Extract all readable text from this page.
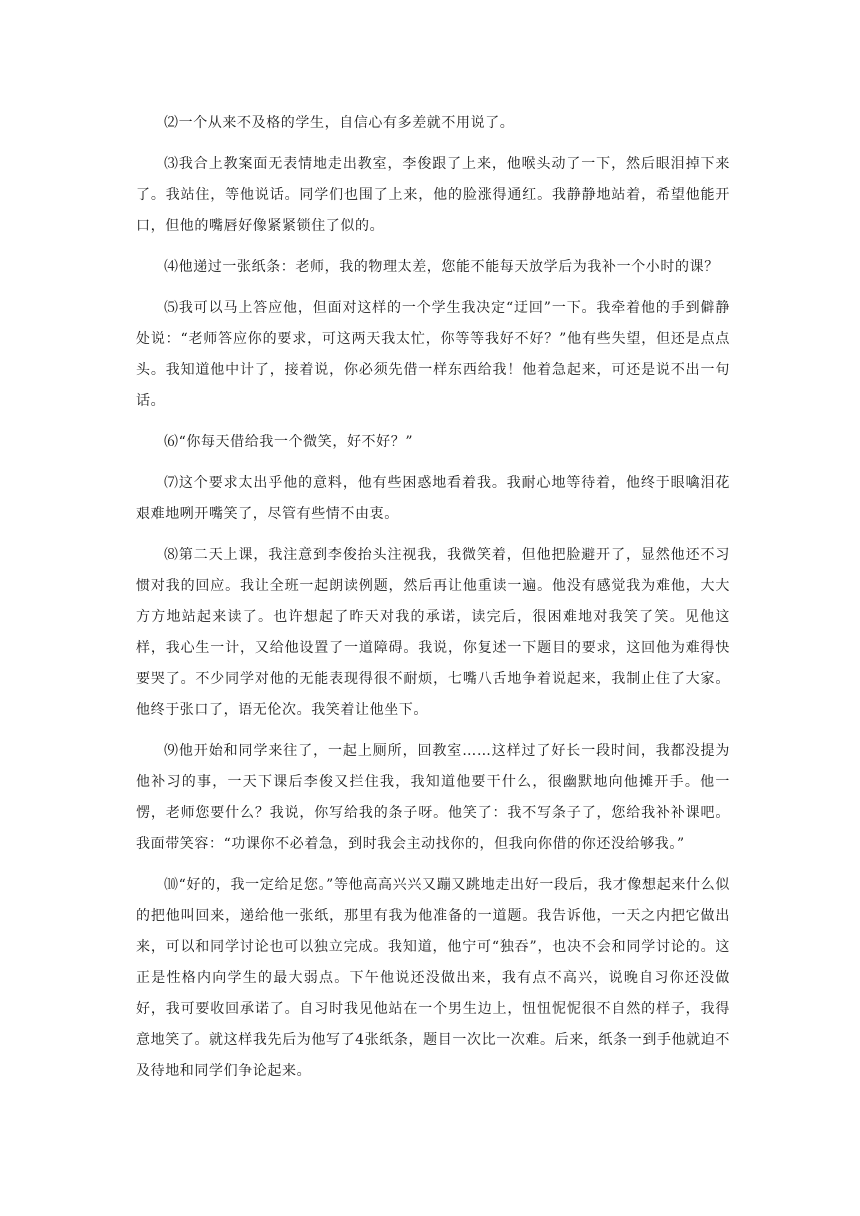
⑵一个从来不及格的学生，自信心有多差就不用说了。

⑶我合上教案面无表情地走出教室，李俊跟了上来，他喉头动了一下，然后眼泪掉下来了。我站住，等他说话。同学们也围了上来，他的脸涨得通红。我静静地站着，希望他能开口，但他的嘴唇好像紧紧锁住了似的。

⑷他递过一张纸条：老师，我的物理太差，您能不能每天放学后为我补一个小时的课？

⑸我可以马上答应他，但面对这样的一个学生我决定“迂回”一下。我牵着他的手到僻静处说：“老师答应你的要求，可这两天我太忙，你等等我好不好？”他有些失望，但还是点点头。我知道他中计了，接着说，你必须先借一样东西给我！他着急起来，可还是说不出一句话。

⑹“你每天借给我一个微笑，好不好？”

⑺这个要求太出乎他的意料，他有些困惑地看着我。我耐心地等待着，他终于眼噙泪花艰难地咧开嘴笑了，尽管有些情不由衷。

⑻第二天上课，我注意到李俊抬头注视我，我微笑着，但他把脸避开了，显然他还不习惯对我的回应。我让全班一起朗读例题，然后再让他重读一遍。他没有感觉我为难他，大大方方地站起来读了。也许想起了昨天对我的承诺，读完后，很困难地对我笑了笑。见他这样，我心生一计，又给他设置了一道障碍。我说，你复述一下题目的要求，这回他为难得快要哭了。不少同学对他的无能表现得很不耐烦，七嘴八舌地争着说起来，我制止住了大家。他终于张口了，语无伦次。我笑着让他坐下。

⑼他开始和同学来往了，一起上厕所，回教室……这样过了好长一段时间，我都没提为他补习的事，一天下课后李俊又拦住我，我知道他要干什么，很幽默地向他摊开手。他一愣，老师您要什么？我说，你写给我的条子呀。他笑了：我不写条子了，您给我补补课吧。我面带笑容：“功课你不必着急，到时我会主动找你的，但我向你借的你还没给够我。”

⑽“好的，我一定给足您。”等他高高兴兴又蹦又跳地走出好一段后，我才像想起来什么似的把他叫回来，递给他一张纸，那里有我为他准备的一道题。我告诉他，一天之内把它做出来，可以和同学讨论也可以独立完成。我知道，他宁可“独吞”，也决不会和同学讨论的。这正是性格内向学生的最大弱点。下午他说还没做出来，我有点不高兴，说晚自习你还没做好，我可要收回承诺了。自习时我见他站在一个男生边上，忸忸怩怩很不自然的样子，我得意地笑了。就这样我先后为他写了4张纸条，题目一次比一次难。后来，纸条一到手他就迫不及待地和同学们争论起来。
